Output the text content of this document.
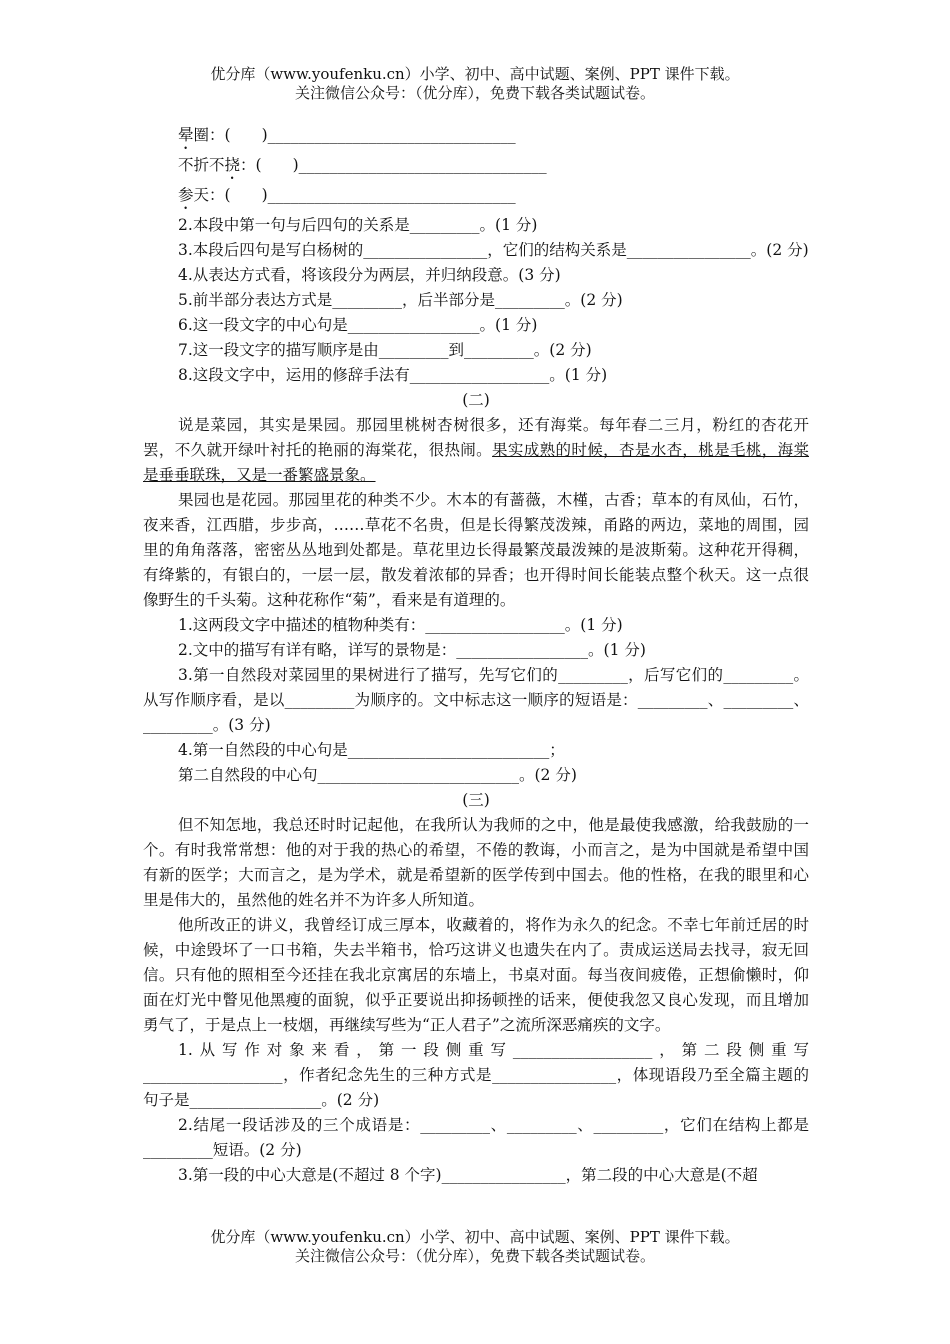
优分库（www.youfenku.cn）小学、初中、高中试题、案例、PPT 课件下载。
关注微信公众号：（优分库），免费下载各类试题试卷。
晕圈：(　　)________________________________
不折不挠：(　　)________________________________
参天：(　　)________________________________

2.本段中第一句与后四句的关系是_________。(1 分)

3.本段后四句是写白杨树的________________，它们的结构关系是________________。(2 分)

4.从表达方式看，将该段分为两层，并归纳段意。(3 分)

5.前半部分表达方式是_________，后半部分是_________。(2 分)

6.这一段文字的中心句是_________________。(1 分)

7.这一段文字的描写顺序是由_________到_________。(2 分)

8.这段文字中，运用的修辞手法有__________________。(1 分)

(二)

说是菜园，其实是果园。那园里桃树杏树很多，还有海棠。每年春二三月，粉红的杏花开罢，不久就开绿叶衬托的艳丽的海棠花，很热闹。果实成熟的时候，杏是水杏，桃是毛桃，海棠是垂垂联珠，又是一番繁盛景象。

果园也是花园。那园里花的种类不少。木本的有蔷薇，木槿，古香；草本的有凤仙，石竹，夜来香，江西腊，步步高，……草花不名贵，但是长得繁茂泼辣，甬路的两边，菜地的周围，园里的角角落落，密密丛丛地到处都是。草花里边长得最繁茂最泼辣的是波斯菊。这种花开得稠，有绛紫的，有银白的，一层一层，散发着浓郁的异香；也开得时间长能装点整个秋天。这一点很像野生的千头菊。这种花称作“菊”，看来是有道理的。

1.这两段文字中描述的植物种类有：__________________。(1 分)

2.文中的描写有详有略，详写的景物是：_________________。(1 分)

3.第一自然段对菜园里的果树进行了描写，先写它们的_________，后写它们的_________。从写作顺序看，是以_________为顺序的。文中标志这一顺序的短语是：_________、_________、_________。(3 分)

4.第一自然段的中心句是__________________________；

第二自然段的中心句__________________________。(2 分)

(三)

但不知怎地，我总还时时记起他，在我所认为我师的之中，他是最使我感激，给我鼓励的一个。有时我常常想：他的对于我的热心的希望，不倦的教诲，小而言之，是为中国就是希望中国有新的医学；大而言之，是为学术，就是希望新的医学传到中国去。他的性格，在我的眼里和心里是伟大的，虽然他的姓名并不为许多人所知道。

他所改正的讲义，我曾经订成三厚本，收藏着的，将作为永久的纪念。不幸七年前迁居的时候，中途毁坏了一口书箱，失去半箱书，恰巧这讲义也遗失在内了。责成运送局去找寻，寂无回信。只有他的照相至今还挂在我北京寓居的东墙上，书桌对面。每当夜间疲倦，正想偷懒时，仰面在灯光中瞥见他黑瘦的面貌，似乎正要说出抑扬顿挫的话来，便使我忽又良心发现，而且增加勇气了，于是点上一枝烟，再继续写些为“正人君子”之流所深恶痛疾的文字。

1.从写作对象来看，第一段侧重写__________________，第二段侧重写__________________，作者纪念先生的三种方式是________________，体现语段乃至全篇主题的句子是_________________。(2 分)

2.结尾一段话涉及的三个成语是：_________、_________、_________，它们在结构上都是_________短语。(2 分)

3.第一段的中心大意是(不超过 8 个字)________________，第二段的中心大意是(不超

优分库（www.youfenku.cn）小学、初中、高中试题、案例、PPT 课件下载。
关注微信公众号：（优分库），免费下载各类试题试卷。
